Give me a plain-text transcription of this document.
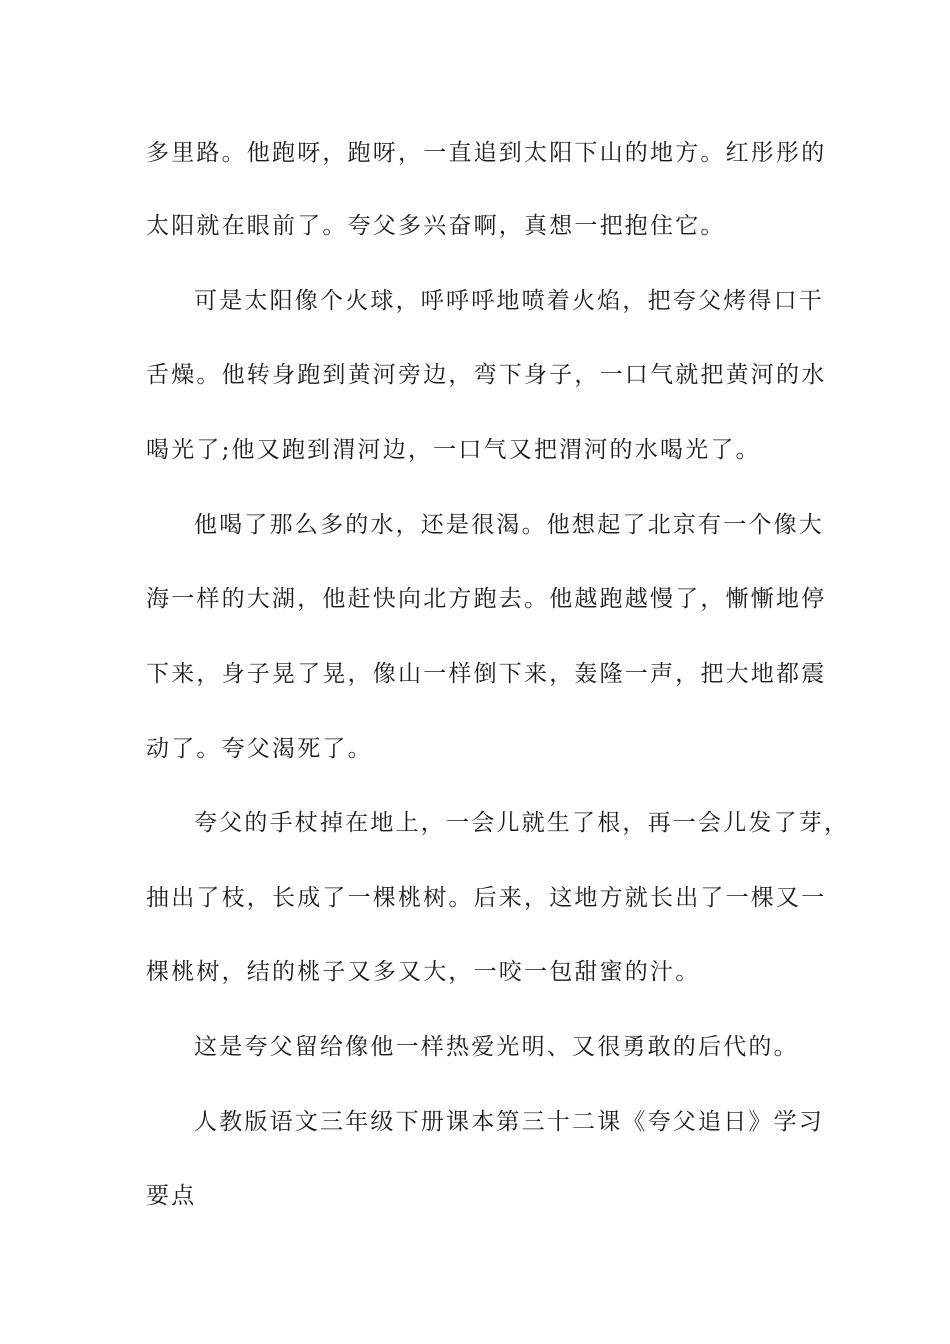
多里路。他跑呀，跑呀，一直追到太阳下山的地方。红彤彤的
太阳就在眼前了。夸父多兴奋啊，真想一把抱住它。
可是太阳像个火球，呼呼呼地喷着火焰，把夸父烤得口干
舌燥。他转身跑到黄河旁边，弯下身子，一口气就把黄河的水
喝光了;他又跑到渭河边，一口气又把渭河的水喝光了。
他喝了那么多的水，还是很渴。他想起了北京有一个像大
海一样的大湖，他赶快向北方跑去。他越跑越慢了，慚慚地停
下来，身子晃了晃，像山一样倒下来，轰隆一声，把大地都震
动了。夸父渴死了。
夸父的手杖掉在地上，一会儿就生了根，再一会儿发了芽，
抽出了枝，长成了一棵桃树。后来，这地方就长出了一棵又一
棵桃树，结的桃子又多又大，一咬一包甜蜜的汁。
这是夸父留给像他一样热爱光明、又很勇敢的后代的。
人教版语文三年级下册课本第三十二课《夸父追日》学习
要点
